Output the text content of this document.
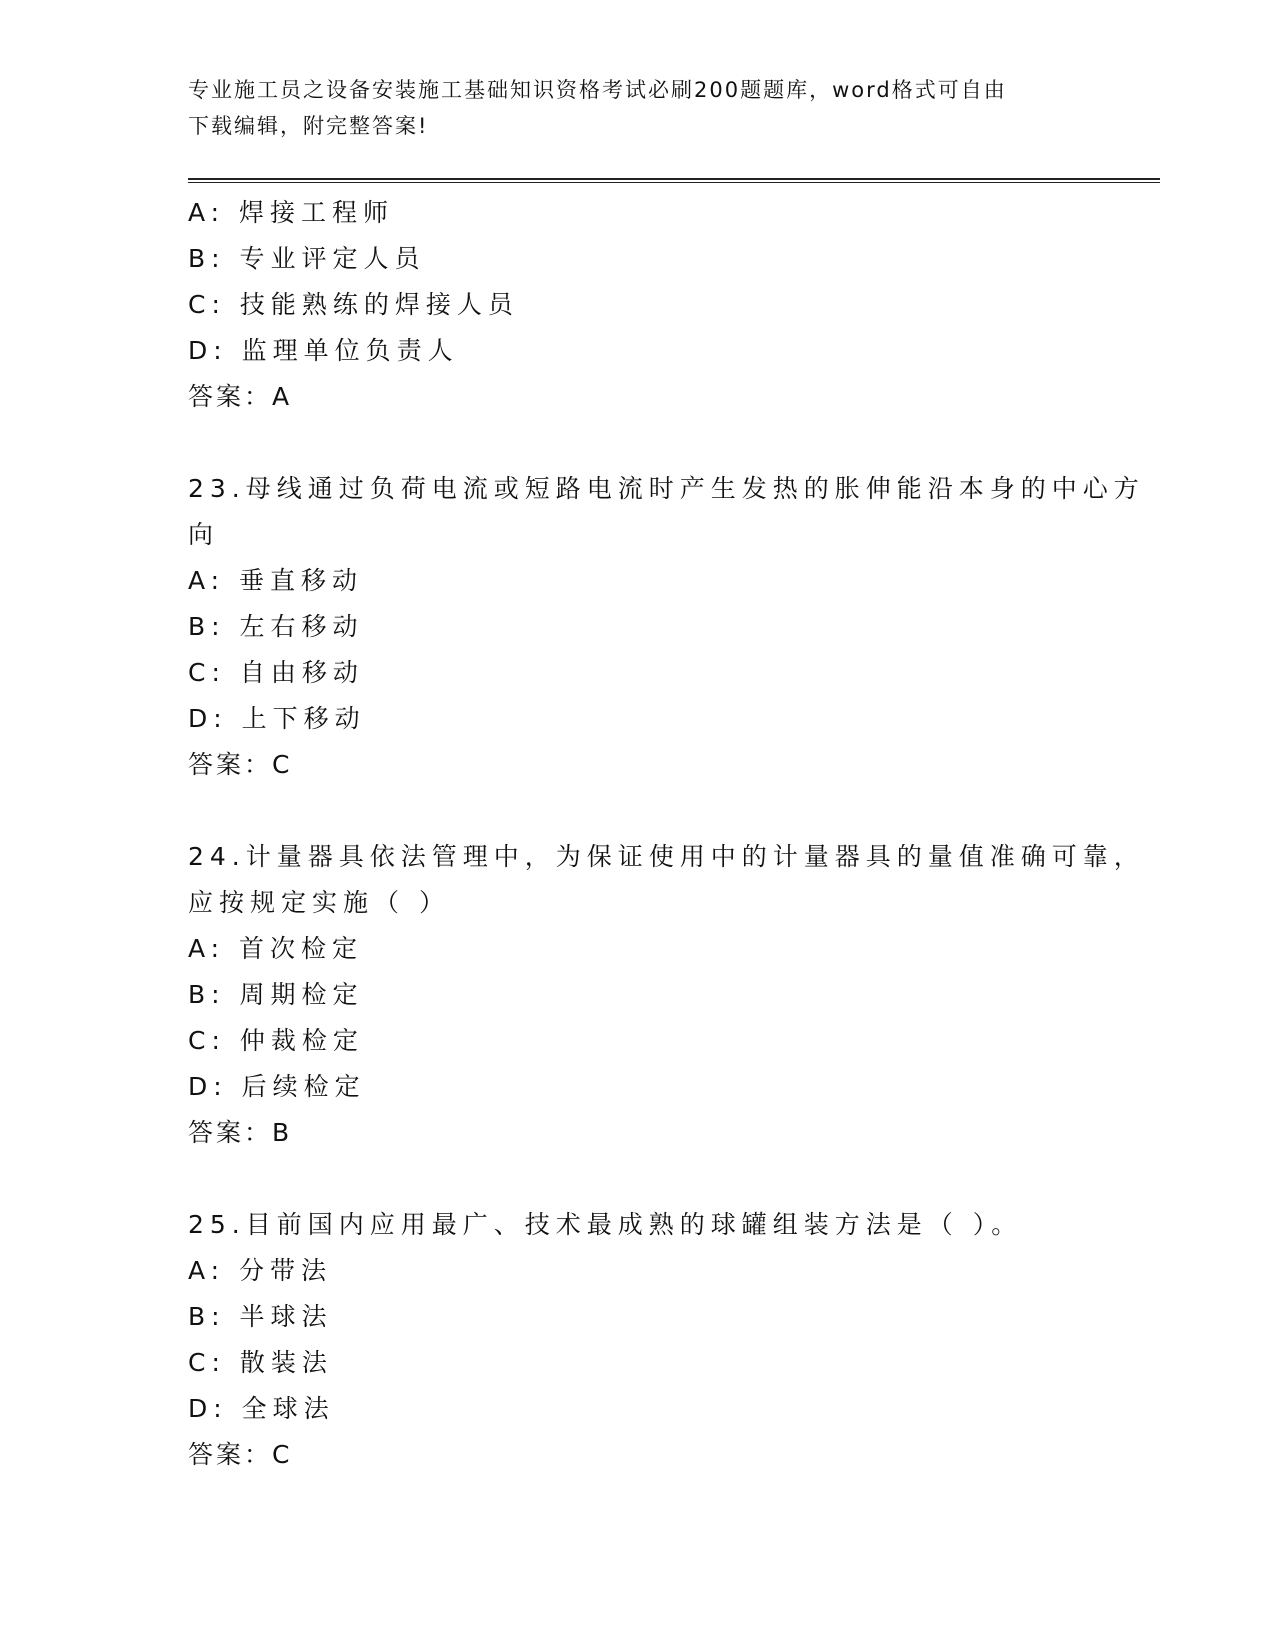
专业施工员之设备安装施工基础知识资格考试必刷200题题库，word格式可自由
下载编辑，附完整答案!
A: 焊接工程师
B: 专业评定人员
C: 技能熟练的焊接人员
D: 监理单位负责人
答案：A
23.母线通过负荷电流或短路电流时产生发热的胀伸能沿本身的中心方
向
A: 垂直移动
B: 左右移动
C: 自由移动
D: 上下移动
答案：C
24.计量器具依法管理中，为保证使用中的计量器具的量值准确可靠，
应按规定实施（ ）
A: 首次检定
B: 周期检定
C: 仲裁检定
D: 后续检定
答案：B
25.目前国内应用最广、技术最成熟的球罐组装方法是（ ）。
A: 分带法
B: 半球法
C: 散装法
D: 全球法
答案：C
